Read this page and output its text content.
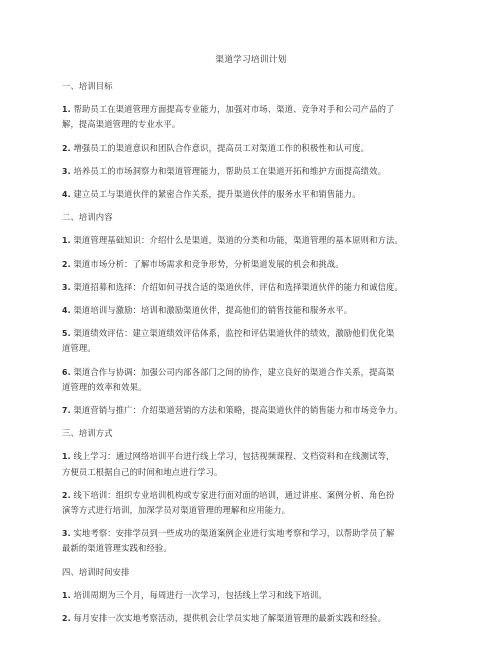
渠道学习培训计划
一、培训目标

1. 帮助员工在渠道管理方面提高专业能力，加强对市场、渠道、竞争对手和公司产品的了
解，提高渠道管理的专业水平。

2. 增强员工的渠道意识和团队合作意识，提高员工对渠道工作的积极性和认可度。

3. 培养员工的市场洞察力和渠道管理能力，帮助员工在渠道开拓和维护方面提高绩效。

4. 建立员工与渠道伙伴的紧密合作关系，提升渠道伙伴的服务水平和销售能力。

二、培训内容

1. 渠道管理基础知识：介绍什么是渠道，渠道的分类和功能，渠道管理的基本原则和方法。

2. 渠道市场分析：了解市场需求和竞争形势，分析渠道发展的机会和挑战。

3. 渠道招募和选择：介绍如何寻找合适的渠道伙伴，评估和选择渠道伙伴的能力和诚信度。

4. 渠道培训与激励：培训和激励渠道伙伴，提高他们的销售技能和服务水平。

5. 渠道绩效评估：建立渠道绩效评估体系，监控和评估渠道伙伴的绩效，激励他们优化渠
道管理。

6. 渠道合作与协调：加强公司内部各部门之间的协作，建立良好的渠道合作关系，提高渠
道管理的效率和效果。

7. 渠道营销与推广：介绍渠道营销的方法和策略，提高渠道伙伴的销售能力和市场竞争力。

三、培训方式

1. 线上学习：通过网络培训平台进行线上学习，包括视频课程、文档资料和在线测试等，
方便员工根据自己的时间和地点进行学习。

2. 线下培训：组织专业培训机构或专家进行面对面的培训，通过讲座、案例分析、角色扮
演等方式进行培训，加深学员对渠道管理的理解和应用能力。

3. 实地考察：安排学员到一些成功的渠道案例企业进行实地考察和学习，以帮助学员了解
最新的渠道管理实践和经验。

四、培训时间安排

1. 培训周期为三个月，每周进行一次学习，包括线上学习和线下培训。

2. 每月安排一次实地考察活动，提供机会让学员实地了解渠道管理的最新实践和经验。
